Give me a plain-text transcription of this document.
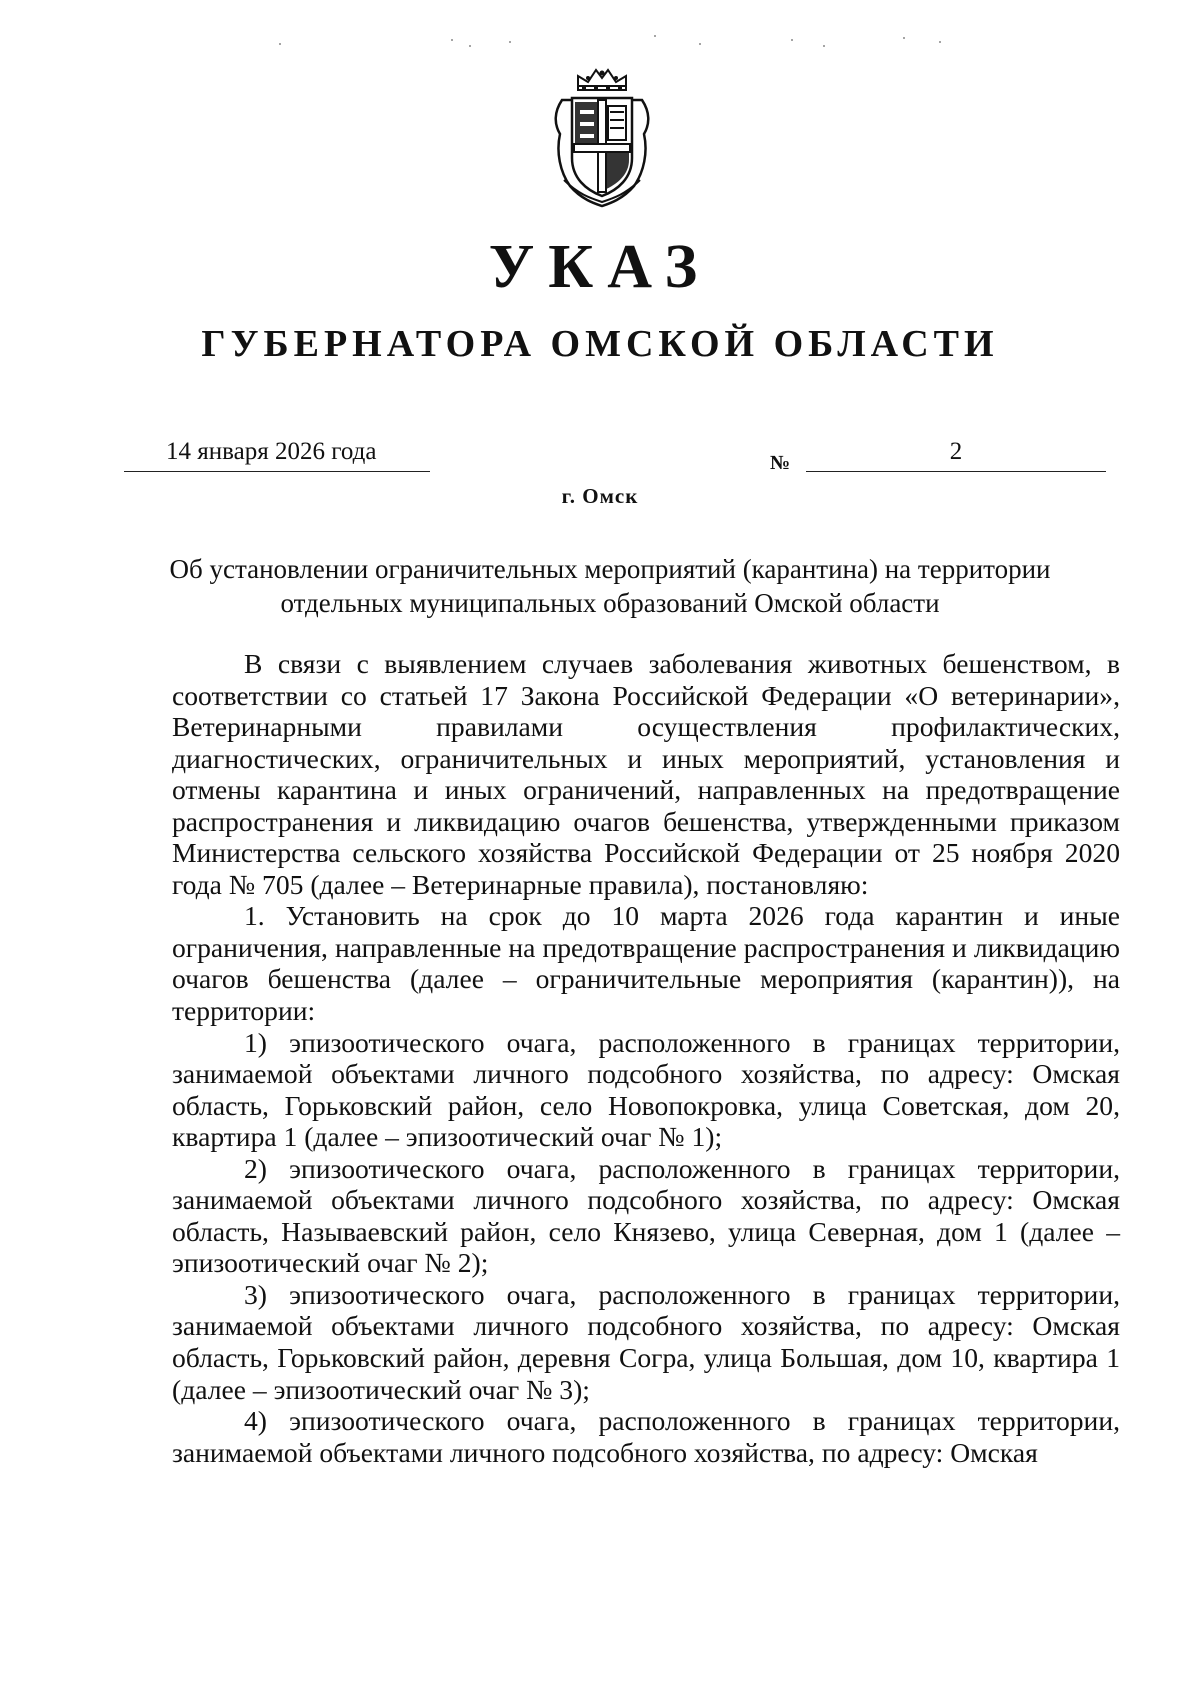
УКАЗ
ГУБЕРНАТОРА ОМСКОЙ ОБЛАСТИ
14 января 2026 года	№	2
г. Омск
Об установлении ограничительных мероприятий (карантина) на территории
отдельных муниципальных образований Омской области

В связи с выявлением случаев заболевания животных бешенством, в соответствии со статьей 17 Закона Российской Федерации «О ветеринарии», Ветеринарными правилами осуществления профилактических, диагностических, ограничительных и иных мероприятий, установления и отмены карантина и иных ограничений, направленных на предотвращение распространения и ликвидацию очагов бешенства, утвержденными приказом Министерства сельского хозяйства Российской Федерации от 25 ноября 2020 года № 705 (далее – Ветеринарные правила), постановляю:

1. Установить на срок до 10 марта 2026 года карантин и иные ограничения, направленные на предотвращение распространения и ликвидацию очагов бешенства (далее – ограничительные мероприятия (карантин)), на территории:

1) эпизоотического очага, расположенного в границах территории, занимаемой объектами личного подсобного хозяйства, по адресу: Омская область, Горьковский район, село Новопокровка, улица Советская, дом 20, квартира 1 (далее – эпизоотический очаг № 1);

2) эпизоотического очага, расположенного в границах территории, занимаемой объектами личного подсобного хозяйства, по адресу: Омская область, Называевский район, село Князево, улица Северная, дом 1 (далее – эпизоотический очаг № 2);

3) эпизоотического очага, расположенного в границах территории, занимаемой объектами личного подсобного хозяйства, по адресу: Омская область, Горьковский район, деревня Согра, улица Большая, дом 10, квартира 1 (далее – эпизоотический очаг № 3);

4) эпизоотического очага, расположенного в границах территории, занимаемой объектами личного подсобного хозяйства, по адресу: Омская
